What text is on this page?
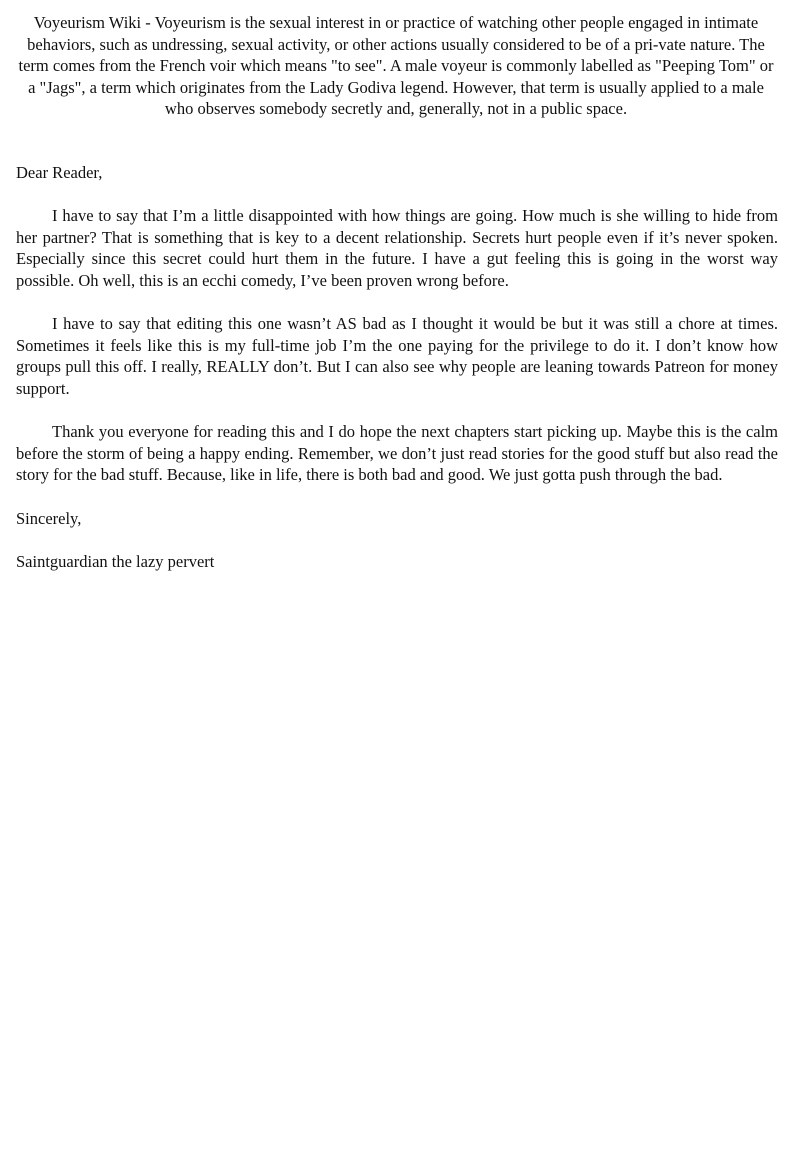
Voyeurism Wiki - Voyeurism is the sexual interest in or practice of watching other people engaged in intimate behaviors, such as undressing, sexual activity, or other actions usually considered to be of a pri-vate nature. The term comes from the French voir which means "to see". A male voyeur is commonly labelled as "Peeping Tom" or a "Jags", a term which originates from the Lady Godiva legend. However, that term is usually applied to a male who observes somebody secretly and, generally, not in a public space.

Dear Reader,

I have to say that I’m a little disappointed with how things are going. How much is she willing to hide from her partner? That is something that is key to a decent relationship. Secrets hurt people even if it’s never spoken. Especially since this secret could hurt them in the future. I have a gut feeling this is going in the worst way possible. Oh well, this is an ecchi comedy, I’ve been proven wrong before.

I have to say that editing this one wasn’t AS bad as I thought it would be but it was still a chore at times. Sometimes it feels like this is my full-time job I’m the one paying for the privilege to do it. I don’t know how groups pull this off. I really, REALLY don’t. But I can also see why people are leaning towards Patreon for money support.

Thank you everyone for reading this and I do hope the next chapters start picking up. Maybe this is the calm before the storm of being a happy ending. Remember, we don’t just read stories for the good stuff but also read the story for the bad stuff. Because, like in life, there is both bad and good. We just gotta push through the bad.

Sincerely,

Saintguardian the lazy pervert
